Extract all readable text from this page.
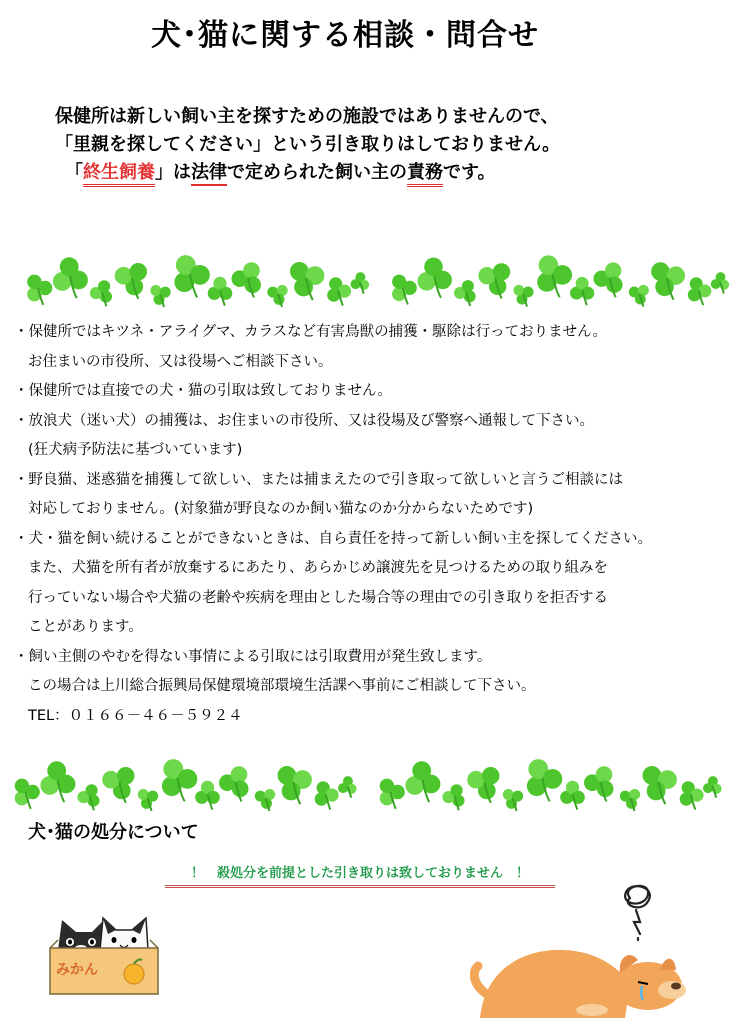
犬･猫に関する相談・問合せ
保健所は新しい飼い主を探すための施設ではありませんので、
「里親を探してください」という引き取りはしておりません。
「終生飼養」は法律で定められた飼い主の責務です。
・保健所ではキツネ・アライグマ、カラスなど有害鳥獣の捕獲・駆除は行っておりません。
お住まいの市役所、又は役場へご相談下さい。
・保健所では直接での犬・猫の引取は致しておりません。
・放浪犬（迷い犬）の捕獲は、お住まいの市役所、又は役場及び警察へ通報して下さい。
(狂犬病予防法に基づいています)
・野良猫、迷惑猫を捕獲して欲しい、または捕まえたので引き取って欲しいと言うご相談には
対応しておりません。(対象猫が野良なのか飼い猫なのか分からないためです)
・犬・猫を飼い続けることができないときは、自ら責任を持って新しい飼い主を探してください。
また、犬猫を所有者が放棄するにあたり、あらかじめ譲渡先を見つけるための取り組みを
行っていない場合や犬猫の老齢や疾病を理由とした場合等の理由での引き取りを拒否する
ことがあります。
・飼い主側のやむを得ない事情による引取には引取費用が発生致します。
この場合は上川総合振興局保健環境部環境生活課へ事前にご相談して下さい。
TEL：０１６６－４６－５９２４
犬･猫の処分について
！　殺処分を前提とした引き取りは致しておりません　！
みかん
